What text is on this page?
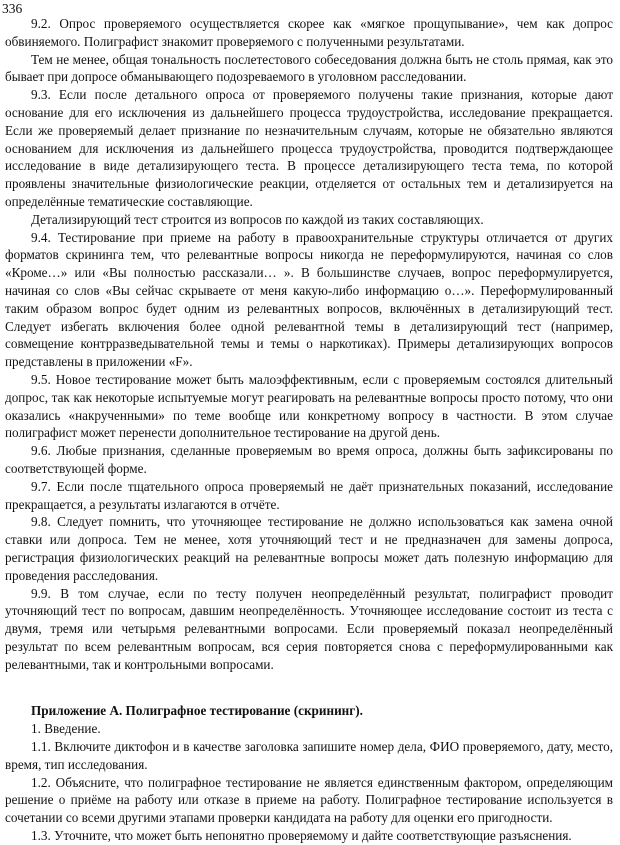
336

9.2. Опрос проверяемого осуществляется скорее как «мягкое прощупывание», чем как допрос обвиняемого. Полиграфист знакомит проверяемого с полученными результатами.

Тем не менее, общая тональность послетестового собеседования должна быть не столь прямая, как это бывает при допросе обманывающего подозреваемого в уголовном расследовании.

9.3. Если после детального опроса от проверяемого получены такие признания, которые дают основание для его исключения из дальнейшего процесса трудоустройства, исследование прекращается. Если же проверяемый делает признание по незначительным случаям, которые не обязательно являются основанием для исключения из дальнейшего процесса трудоустройства, проводится подтверждающее исследование в виде детализирующего теста. В процессе детализирующего теста тема, по которой проявлены значительные физиологические реакции, отделяется от остальных тем и детализируется на определённые тематические составляющие.

Детализирующий тест строится из вопросов по каждой из таких составляющих.

9.4. Тестирование при приеме на работу в правоохранительные структуры отличается от других форматов скрининга тем, что релевантные вопросы никогда не переформулируются, начиная со слов «Кроме…» или «Вы полностью рассказали… ». В большинстве случаев, вопрос переформулируется, начиная со слов «Вы сейчас скрываете от меня какую-либо информацию о…». Переформулированный таким образом вопрос будет одним из релевантных вопросов, включённых в детализирующий тест. Следует избегать включения более одной релевантной темы в детализирующий тест (например, совмещение контрразведывательной темы и темы о наркотиках). Примеры детализирующих вопросов представлены в приложении «F».

9.5. Новое тестирование может быть малоэффективным, если с проверяемым состоялся длительный допрос, так как некоторые испытуемые могут реагировать на релевантные вопросы просто потому, что они оказались «накрученными» по теме вообще или конкретному вопросу в частности. В этом случае полиграфист может перенести дополнительное тестирование на другой день.

9.6. Любые признания, сделанные проверяемым во время опроса, должны быть зафиксированы по соответствующей форме.

9.7. Если после тщательного опроса проверяемый не даёт признательных показаний, исследование прекращается, а результаты излагаются в отчёте.

9.8. Следует помнить, что уточняющее тестирование не должно использоваться как замена очной ставки или допроса. Тем не менее, хотя уточняющий тест и не предназначен для замены допроса, регистрация физиологических реакций на релевантные вопросы может дать полезную информацию для проведения расследования.

9.9. В том случае, если по тесту получен неопределённый результат, полиграфист проводит уточняющий тест по вопросам, давшим неопределённость. Уточняющее исследование состоит из теста с двумя, тремя или четырьмя релевантными вопросами. Если проверяемый показал неопределённый результат по всем релевантным вопросам, вся серия повторяется снова с переформулированными как релевантными, так и контрольными вопросами.

Приложение А. Полиграфное тестирование (скрининг).

1. Введение.

1.1. Включите диктофон и в качестве заголовка запишите номер дела, ФИО проверяемого, дату, место, время, тип исследования.

1.2. Объясните, что полиграфное тестирование не является единственным фактором, определяющим решение о приёме на работу или отказе в приеме на работу. Полиграфное тестирование используется в сочетании со всеми другими этапами проверки кандидата на работу для оценки его пригодности.

1.3. Уточните, что может быть непонятно проверяемому и дайте соответствующие разъяснения.
